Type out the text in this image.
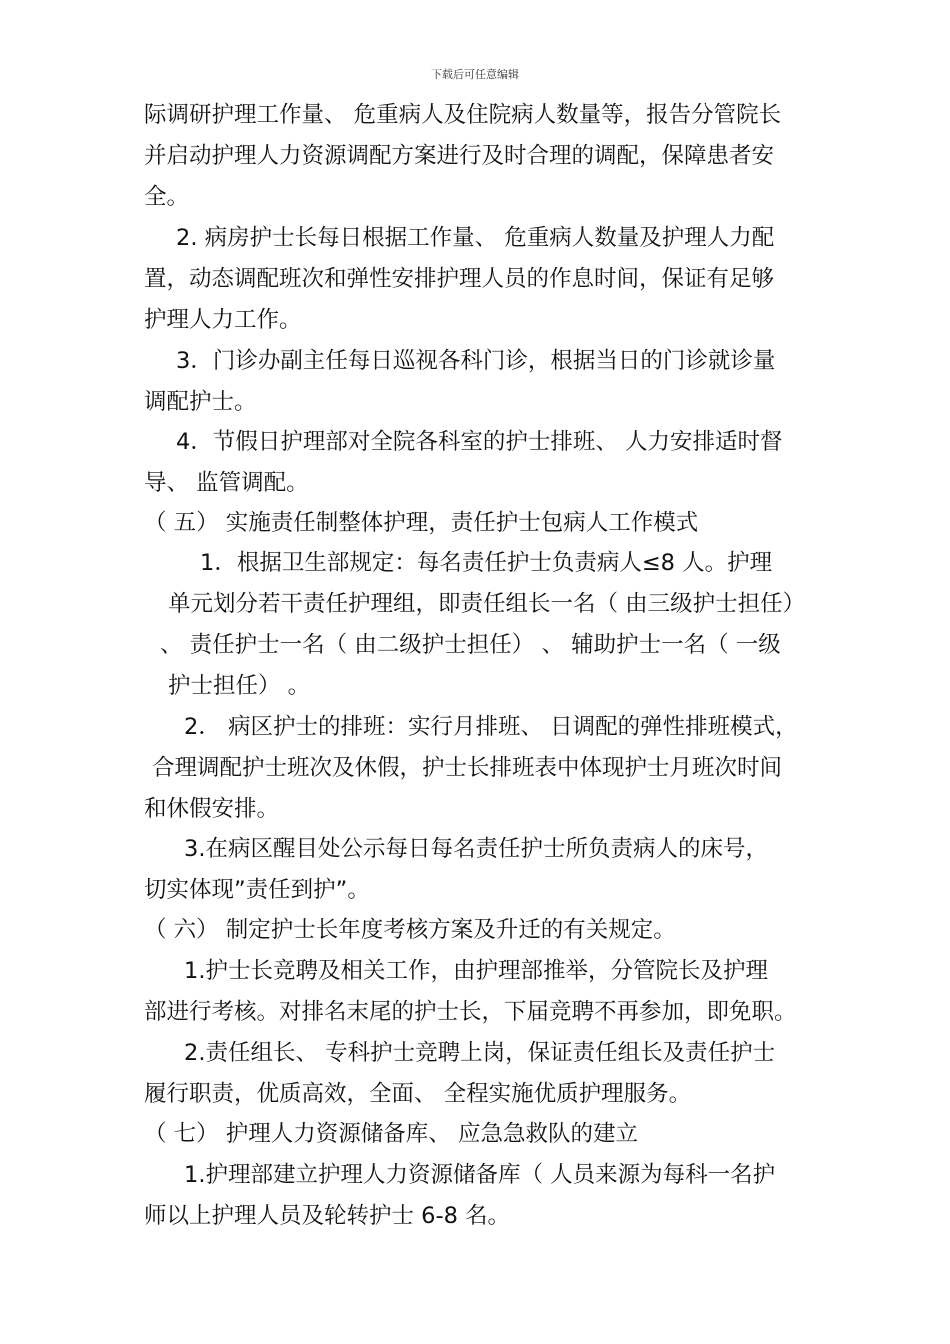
下载后可任意编辑
际调研护理工作量、 危重病人及住院病人数量等，报告分管院长
并启动护理人力资源调配方案进行及时合理的调配，保障患者安
全。
2. 病房护士长每日根据工作量、 危重病人数量及护理人力配
置，动态调配班次和弹性安排护理人员的作息时间，保证有足够
护理人力工作。
3．门诊办副主任每日巡视各科门诊，根据当日的门诊就诊量
调配护士。
4．节假日护理部对全院各科室的护士排班、 人力安排适时督
导、 监管调配。
（ 五） 实施责任制整体护理，责任护士包病人工作模式
1．根据卫生部规定：每名责任护士负责病人≤8 人。护理
单元划分若干责任护理组，即责任组长一名（ 由三级护士担任）
、 责任护士一名（ 由二级护士担任） 、 辅助护士一名（ 一级
护士担任） 。
2． 病区护士的排班：实行月排班、 日调配的弹性排班模式，
合理调配护士班次及休假，护士长排班表中体现护士月班次时间
和休假安排。
3.在病区醒目处公示每日每名责任护士所负责病人的床号，
切实体现”责任到护”。
（ 六） 制定护士长年度考核方案及升迁的有关规定。
1.护士长竞聘及相关工作，由护理部推举，分管院长及护理
部进行考核。对排名末尾的护士长，下届竞聘不再参加，即免职。
2.责任组长、 专科护士竞聘上岗，保证责任组长及责任护士
履行职责，优质高效，全面、 全程实施优质护理服务。
（ 七） 护理人力资源储备库、 应急急救队的建立
1.护理部建立护理人力资源储备库（ 人员来源为每科一名护
师以上护理人员及轮转护士 6-8 名。
